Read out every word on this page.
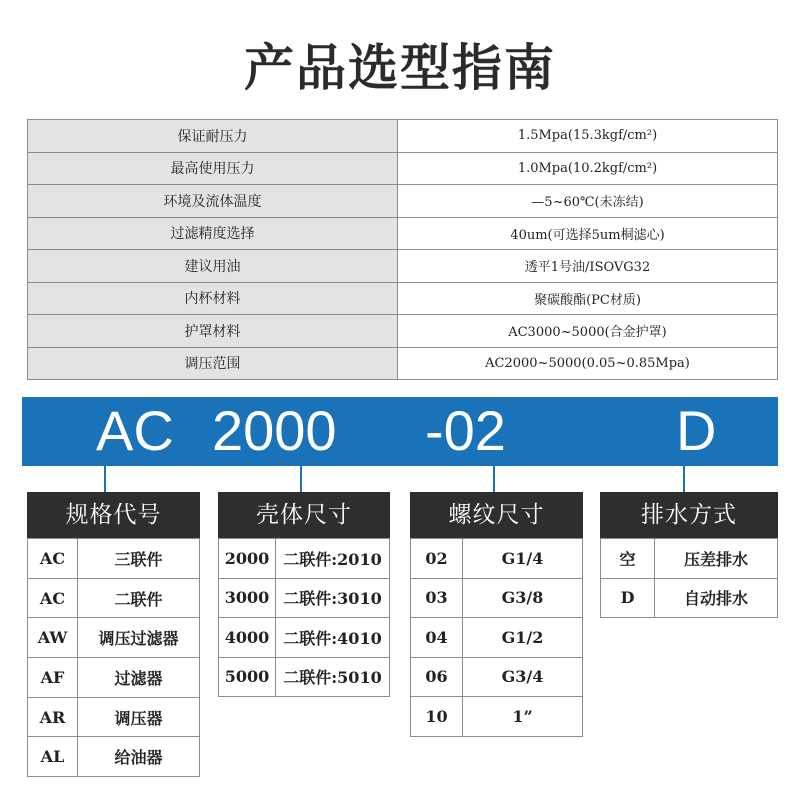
产品选型指南
保证耐压力	1.5Mpa(15.3kgf/cm²)
最高使用压力	1.0Mpa(10.2kgf/cm²)
环境及流体温度	—5~60℃(未冻结)
过滤精度选择	40um(可选择5um桐滤心)
建议用油	透平1号油/ISOVG32
内杯材料	聚碳酸酯(PC材质)
护罩材料	AC3000~5000(合金护罩)
调压范围	AC2000~5000(0.05~0.85Mpa)
AC 2000 -02	D
规格代号
AC	三联件
AC	二联件
AW	调压过滤器
AF	过滤器
AR	调压器
AL	给油器
壳体尺寸
2000	二联件:2010
3000	二联件:3010
4000	二联件:4010
5000	二联件:5010
螺纹尺寸
02	G1/4
03	G3/8
04	G1/2
06	G3/4
10	1”
排水方式
空	压差排水
D	自动排水
